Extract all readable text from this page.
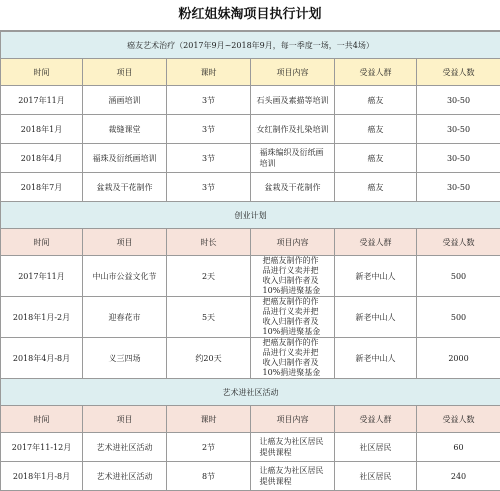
粉红姐妹淘项目执行计划
癌友艺术治疗（2017年9月~2018年9月，每一季度一场，一共4场）					
时间	项目	课时	项目内容	受益人群	受益人数
2017年11月	涵画培训	3节	石头画及素描等培训	癌友	30-50
2018年1月	裁缝课堂	3节	女红制作及扎染培训	癌友	30-50
2018年4月	福珠及衍纸画培训	3节	福珠编织及衍纸画培训	癌友	30-50
2018年7月	盆栽及干花制作	3节	盆栽及干花制作	癌友	30-50
创业计划					
时间	项目	时长	项目内容	受益人群	受益人数
2017年11月	中山市公益文化节	2天	把癌友制作的作品进行义卖并把收入归制作者及10%捐进聚基金	新老中山人	500
2018年1月-2月	迎春花市	5天	把癌友制作的作品进行义卖并把收入归制作者及10%捐进聚基金	新老中山人	500
2018年4月-8月	义三四场	约20天	把癌友制作的作品进行义卖并把收入归制作者及10%捐进聚基金	新老中山人	2000
艺术进社区活动					
时间	项目	课时	项目内容	受益人群	受益人数
2017年11-12月	艺术进社区活动	2节	让癌友为社区居民提供课程	社区居民	60
2018年1月-8月	艺术进社区活动	8节	让癌友为社区居民提供课程	社区居民	240
